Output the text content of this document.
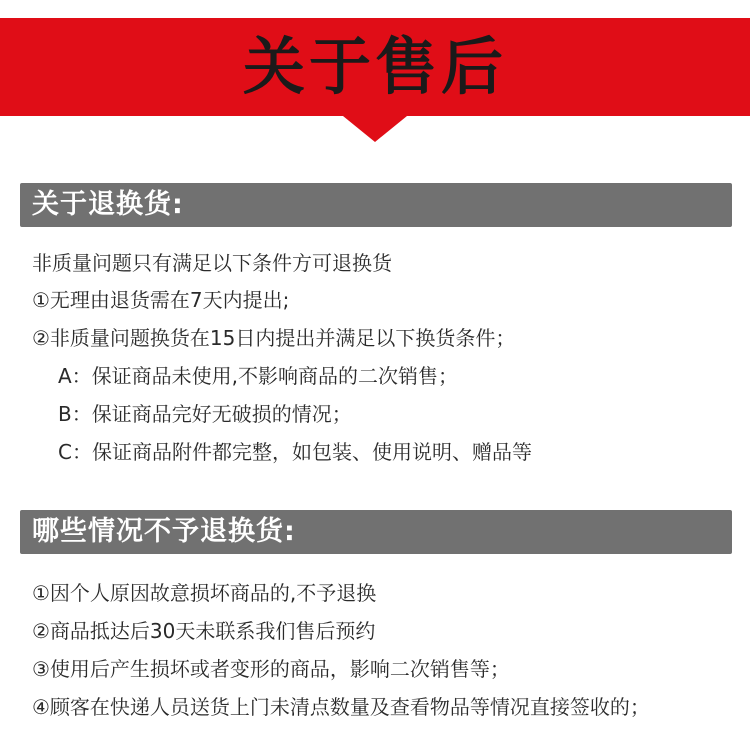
关于售后
关于退换货:
非质量问题只有满足以下条件方可退换货
①无理由退货需在7天内提出;
②非质量问题换货在15日内提出并满足以下换货条件；
A：保证商品未使用,不影响商品的二次销售；
B：保证商品完好无破损的情况；
C：保证商品附件都完整，如包装、使用说明、赠品等
哪些情况不予退换货:
①因个人原因故意损坏商品的,不予退换
②商品抵达后30天未联系我们售后预约
③使用后产生损坏或者变形的商品，影响二次销售等；
④顾客在快递人员送货上门未清点数量及查看物品等情况直接签收的；
